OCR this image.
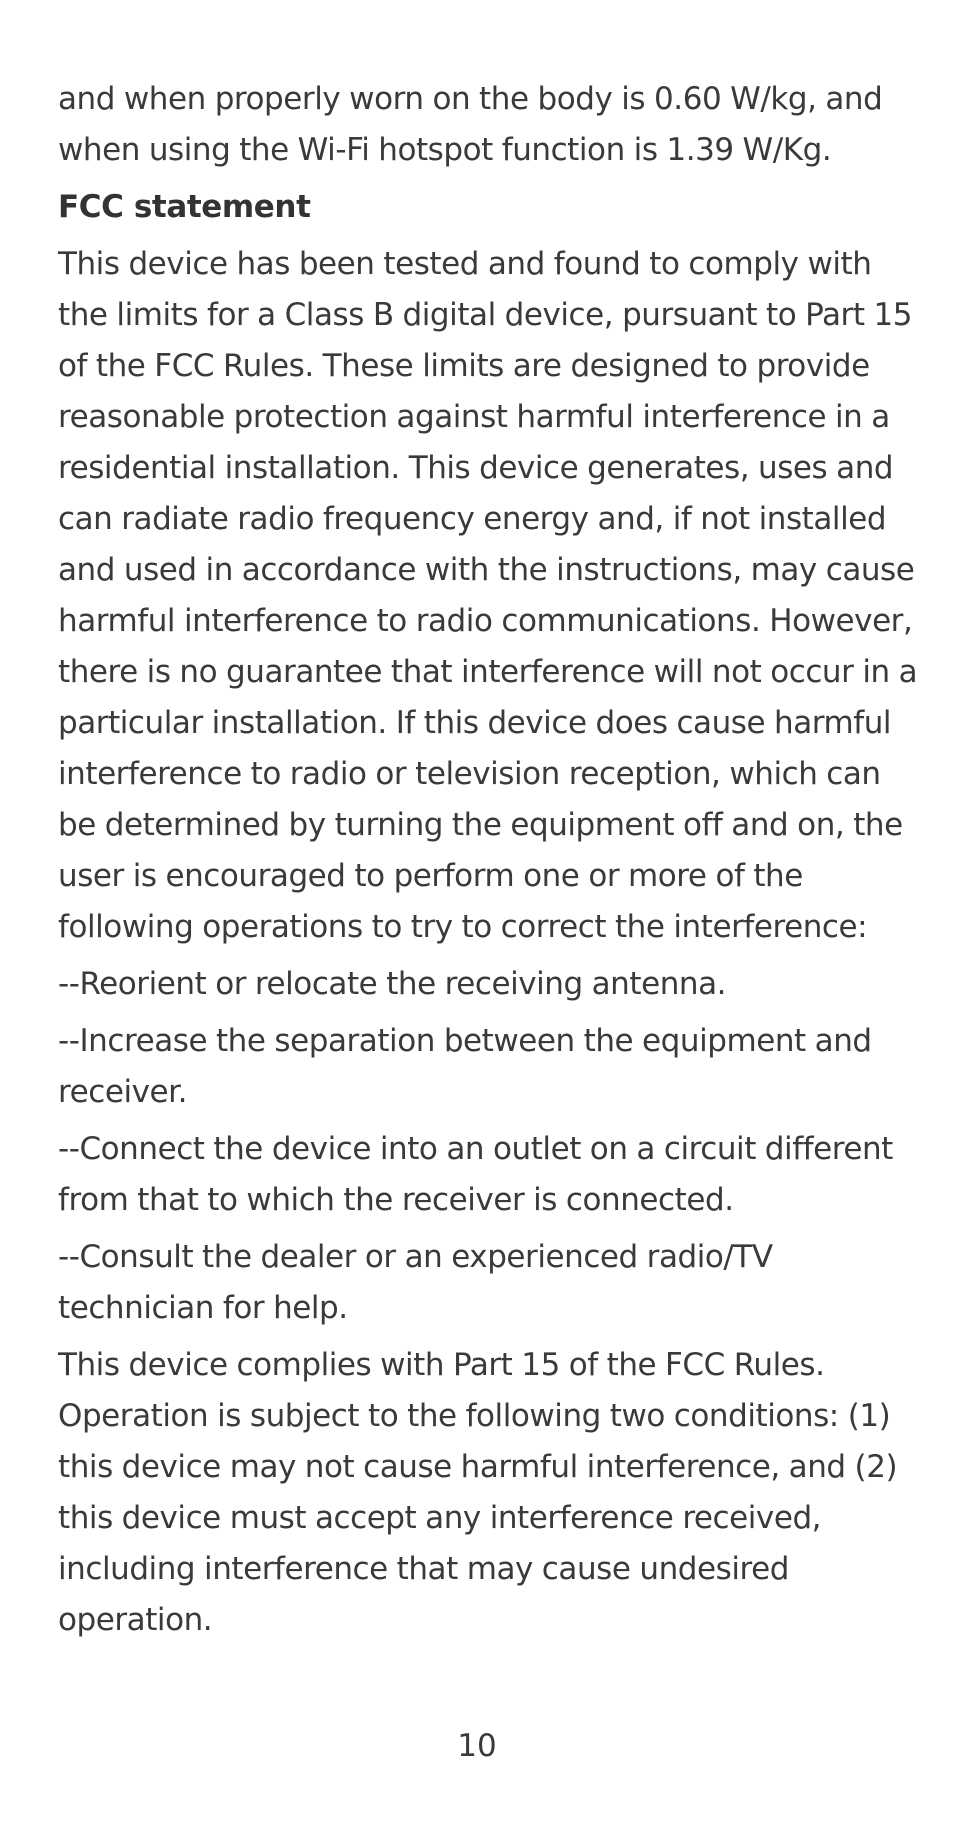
and when properly worn on the body is 0.60 W/kg, and when using the Wi-Fi hotspot function is 1.39 W/Kg.

FCC statement

This device has been tested and found to comply with the limits for a Class B digital device, pursuant to Part 15 of the FCC Rules. These limits are designed to provide reasonable protection against harmful interference in a residential installation. This device generates, uses and can radiate radio frequency energy and, if not installed and used in accordance with the instructions, may cause harmful interference to radio communications. However, there is no guarantee that interference will not occur in a particular installation. If this device does cause harmful interference to radio or television reception, which can be determined by turning the equipment off and on, the user is encouraged to perform one or more of the following operations to try to correct the interference:

--Reorient or relocate the receiving antenna.

--Increase the separation between the equipment and receiver.

--Connect the device into an outlet on a circuit different from that to which the receiver is connected.

--Consult the dealer or an experienced radio/TV technician for help.

This device complies with Part 15 of the FCC Rules. Operation is subject to the following two conditions: (1) this device may not cause harmful interference, and (2) this device must accept any interference received, including interference that may cause undesired operation.

10
